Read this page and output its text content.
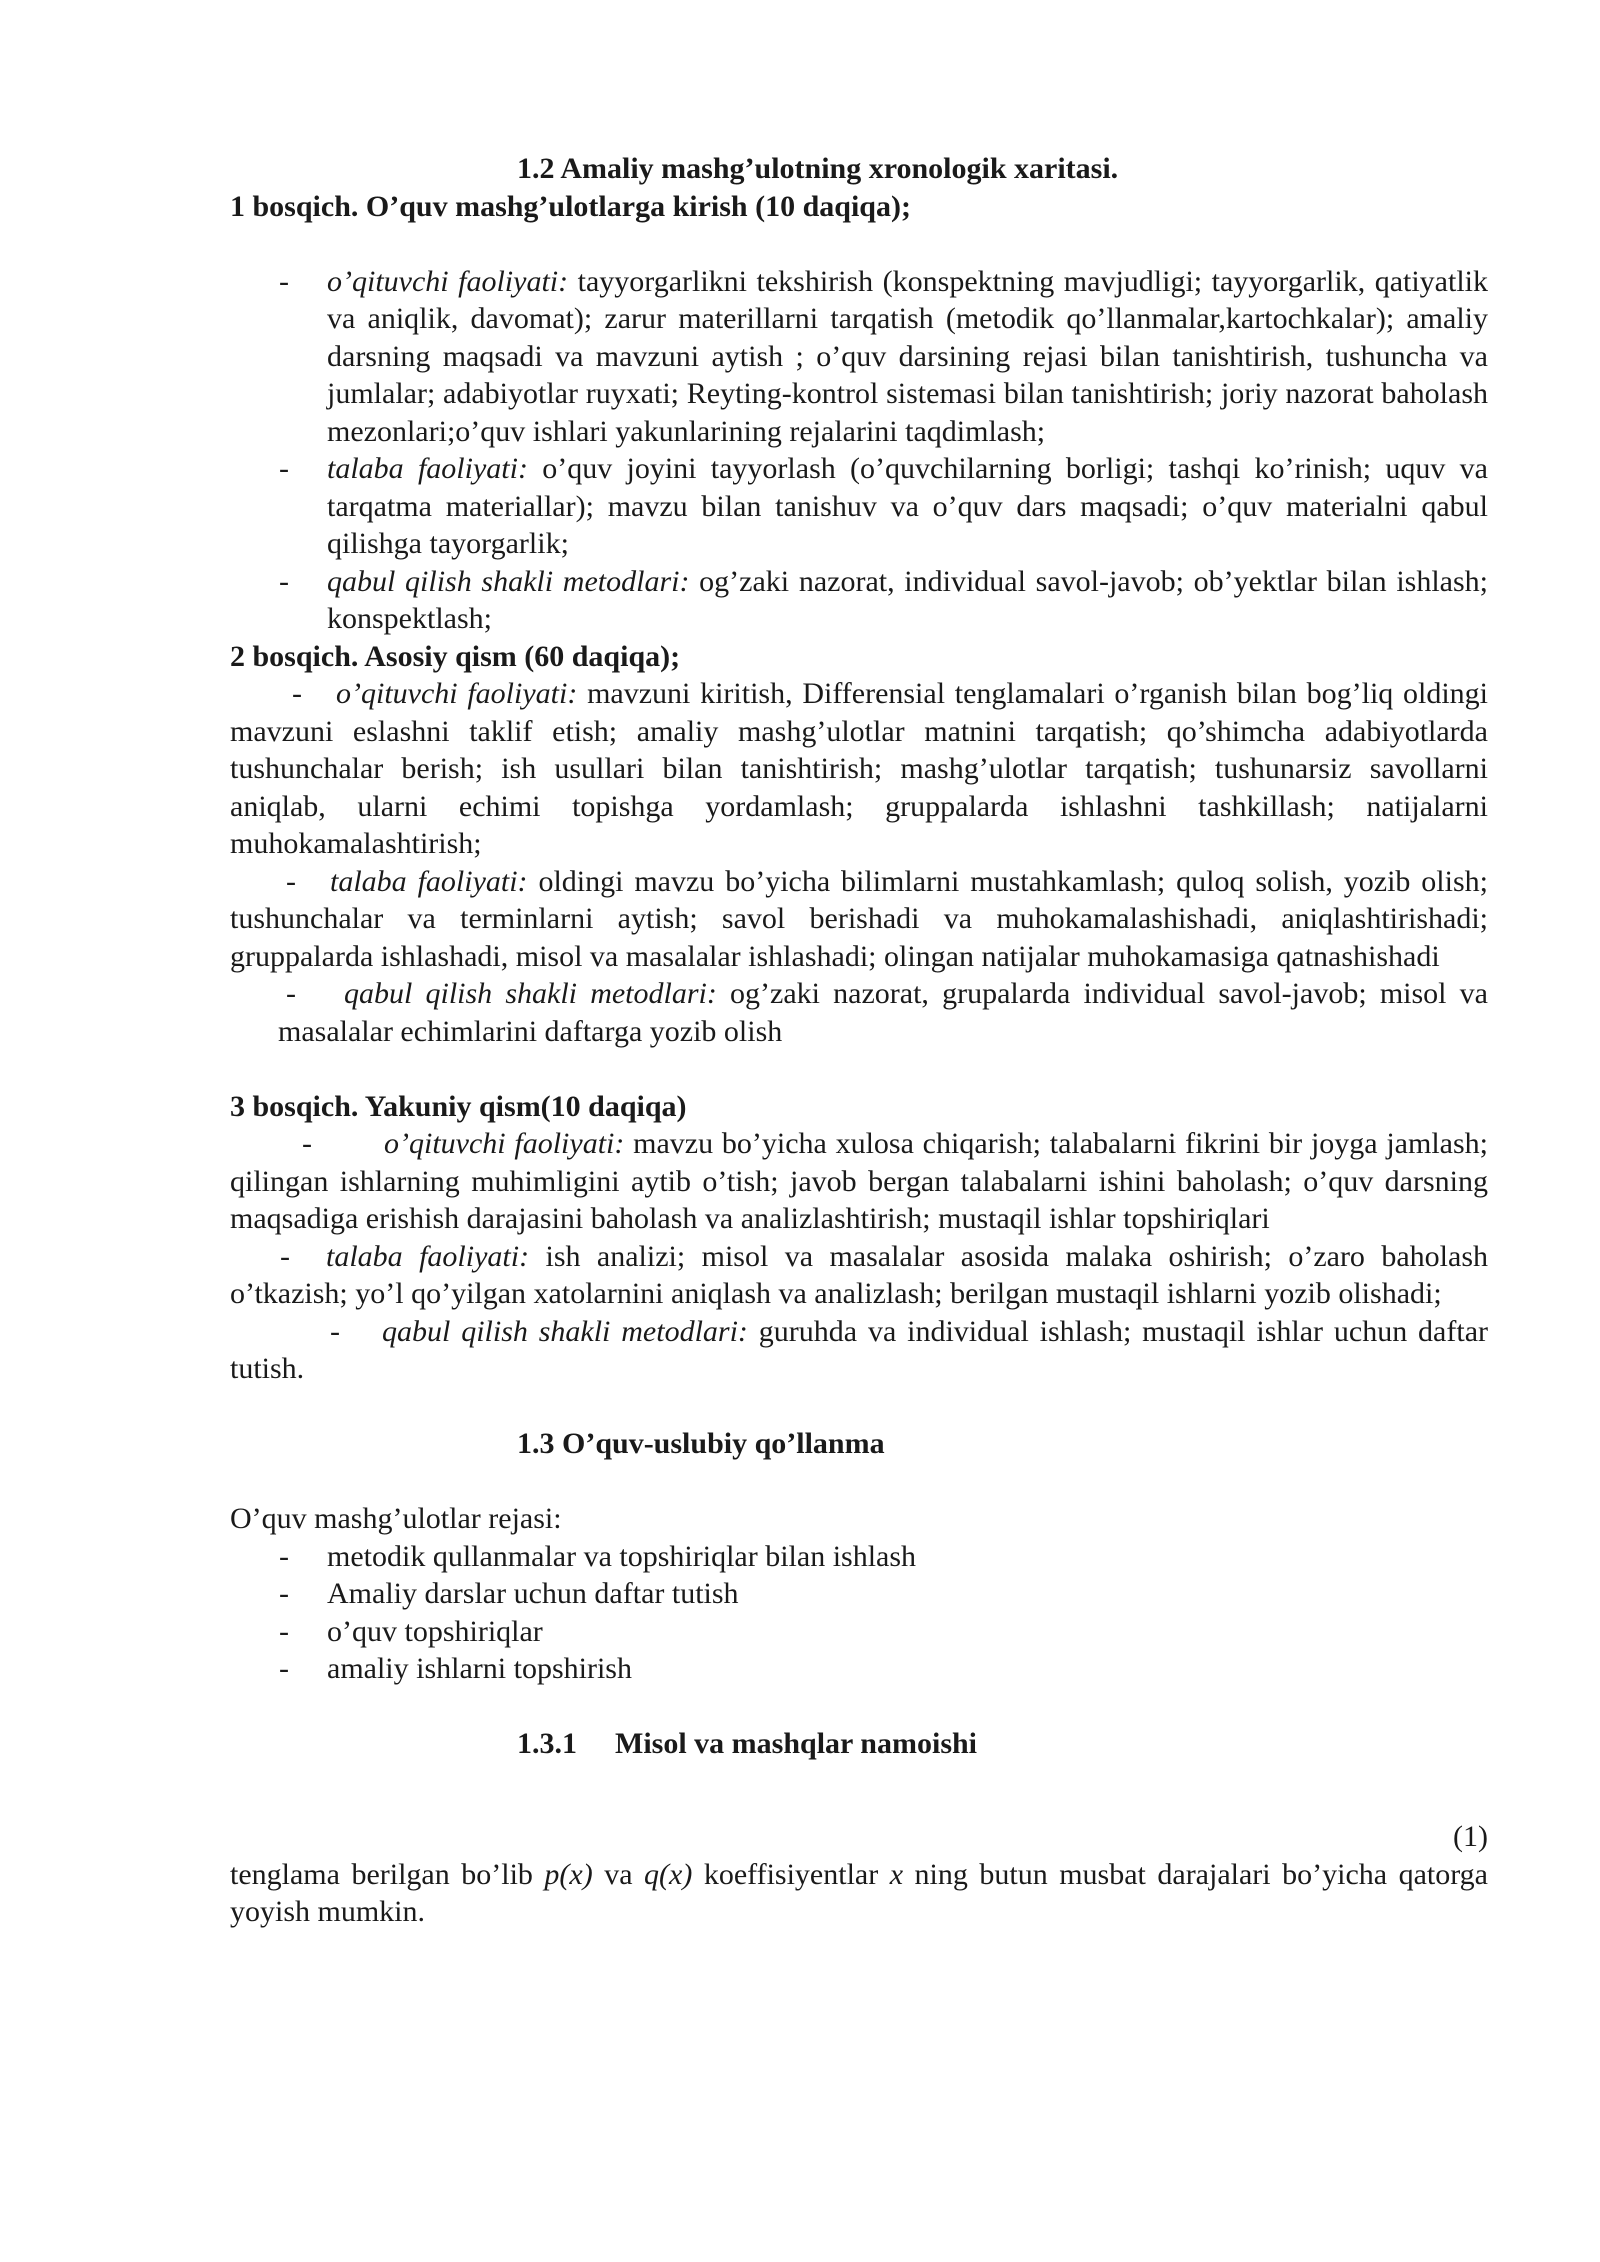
1.2 Amaliy mashg’ulotning xronologik xaritasi.
1 bosqich. O’quv mashg’ulotlarga kirish (10 daqiqa);
- o’qituvchi faoliyati: tayyorgarlikni tekshirish (konspektning mavjudligi; tayyorgarlik, qatiyatlik va aniqlik, davomat); zarur materillarni tarqatish (metodik qo’llanmalar,kartochkalar); amaliy darsning maqsadi va mavzuni aytish ; o’quv darsining rejasi bilan tanishtirish, tushuncha va jumlalar; adabiyotlar ruyxati; Reyting-kontrol sistemasi bilan tanishtirish; joriy nazorat baholash mezonlari;o’quv ishlari yakunlarining rejalarini taqdimlash;
- talaba faoliyati: o’quv joyini tayyorlash (o’quvchilarning borligi; tashqi ko’rinish; uquv va tarqatma materiallar); mavzu bilan tanishuv va o’quv dars maqsadi; o’quv materialni qabul qilishga tayorgarlik;
- qabul qilish shakli metodlari: og’zaki nazorat, individual savol-javob; ob’yektlar bilan ishlash; konspektlash;
2 bosqich. Asosiy qism (60 daqiqa);
- o’qituvchi faoliyati: mavzuni kiritish, Differensial tenglamalari o’rganish bilan bog’liq oldingi mavzuni eslashni taklif etish; amaliy mashg’ulotlar matnini tarqatish; qo’shimcha adabiyotlarda tushunchalar berish; ish usullari bilan tanishtirish; mashg’ulotlar tarqatish; tushunarsiz savollarni aniqlab, ularni echimi topishga yordamlash; gruppalarda ishlashni tashkillash; natijalarni muhokamalashtirish;
- talaba faoliyati: oldingi mavzu bo’yicha bilimlarni mustahkamlash; quloq solish, yozib olish; tushunchalar va terminlarni aytish; savol berishadi va muhokamalashishadi, aniqlashtirishadi; gruppalarda ishlashadi, misol va masalalar ishlashadi; olingan natijalar muhokamasiga qatnashishadi
- qabul qilish shakli metodlari: og’zaki nazorat, grupalarda individual savol-javob; misol va masalalar echimlarini daftarga yozib olish
3 bosqich. Yakuniy qism(10 daqiqa)
- o’qituvchi faoliyati: mavzu bo’yicha xulosa chiqarish; talabalarni fikrini bir joyga jamlash; qilingan ishlarning muhimligini aytib o’tish; javob bergan talabalarni ishini baholash; o’quv darsning maqsadiga erishish darajasini baholash va analizlashtirish; mustaqil ishlar topshiriqlari
- talaba faoliyati: ish analizi; misol va masalalar asosida malaka oshirish; o’zaro baholash o’tkazish; yo’l qo’yilgan xatolarnini aniqlash va analizlash; berilgan mustaqil ishlarni yozib olishadi;
- qabul qilish shakli metodlari: guruhda va individual ishlash; mustaqil ishlar uchun daftar tutish.
1.3 O’quv-uslubiy qo’llanma
O’quv mashg’ulotlar rejasi:
- metodik qullanmalar va topshiriqlar bilan ishlash
- Amaliy darslar uchun daftar tutish
- o’quv topshiriqlar
- amaliy ishlarni topshirish
1.3.1 Misol va mashqlar namoishi
(1)
tenglama berilgan bo’lib p(x) va q(x) koeffisiyentlar x ning butun musbat darajalari bo’yicha qatorga yoyish mumkin.
